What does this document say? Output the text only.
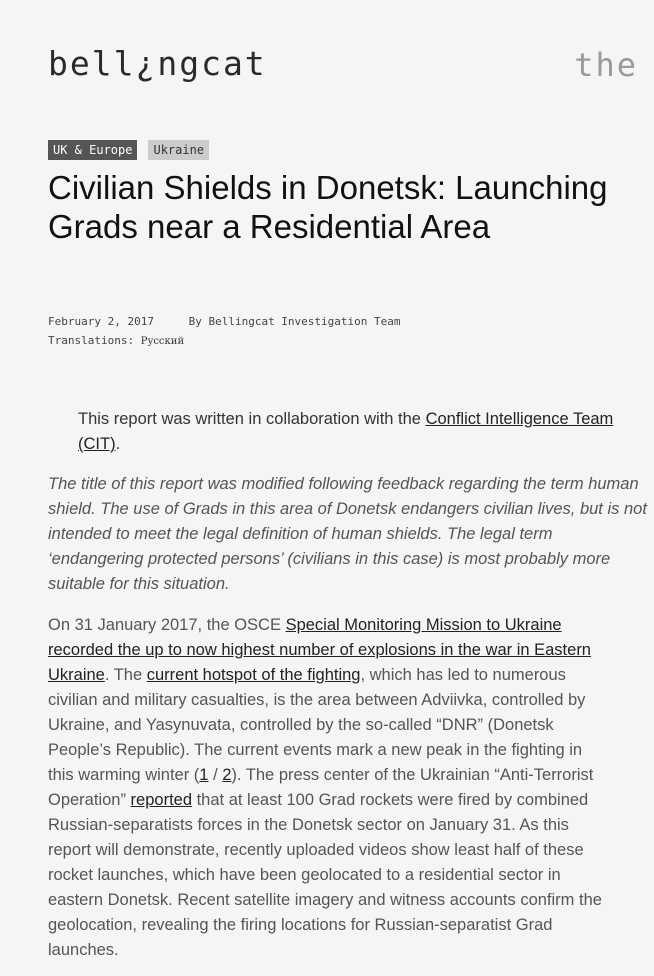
bell¿ngcat	the
UK & Europe	Ukraine
Civilian Shields in Donetsk: Launching Grads near a Residential Area
February 2, 2017	By Bellingcat Investigation Team
Translations: Русский

This report was written in collaboration with the Conflict Intelligence Team (CIT).

The title of this report was modified following feedback regarding the term human shield. The use of Grads in this area of Donetsk endangers civilian lives, but is not intended to meet the legal definition of human shields. The legal term ‘endangering protected persons’ (civilians in this case) is most probably more suitable for this situation.

On 31 January 2017, the OSCE Special Monitoring Mission to Ukraine
recorded the up to now highest number of explosions in the war in Eastern
Ukraine. The current hotspot of the fighting, which has led to numerous
civilian and military casualties, is the area between Adviivka, controlled by
Ukraine, and Yasynuvata, controlled by the so-called “DNR” (Donetsk
People’s Republic). The current events mark a new peak in the fighting in
this warming winter (1 / 2). The press center of the Ukrainian “Anti-Terrorist
Operation” reported that at least 100 Grad rockets were fired by combined
Russian-separatists forces in the Donetsk sector on January 31. As this
report will demonstrate, recently uploaded videos show least half of these
rocket launches, which have been geolocated to a residential sector in
eastern Donetsk. Recent satellite imagery and witness accounts confirm the
geolocation, revealing the firing locations for Russian-separatist Grad
launches.
